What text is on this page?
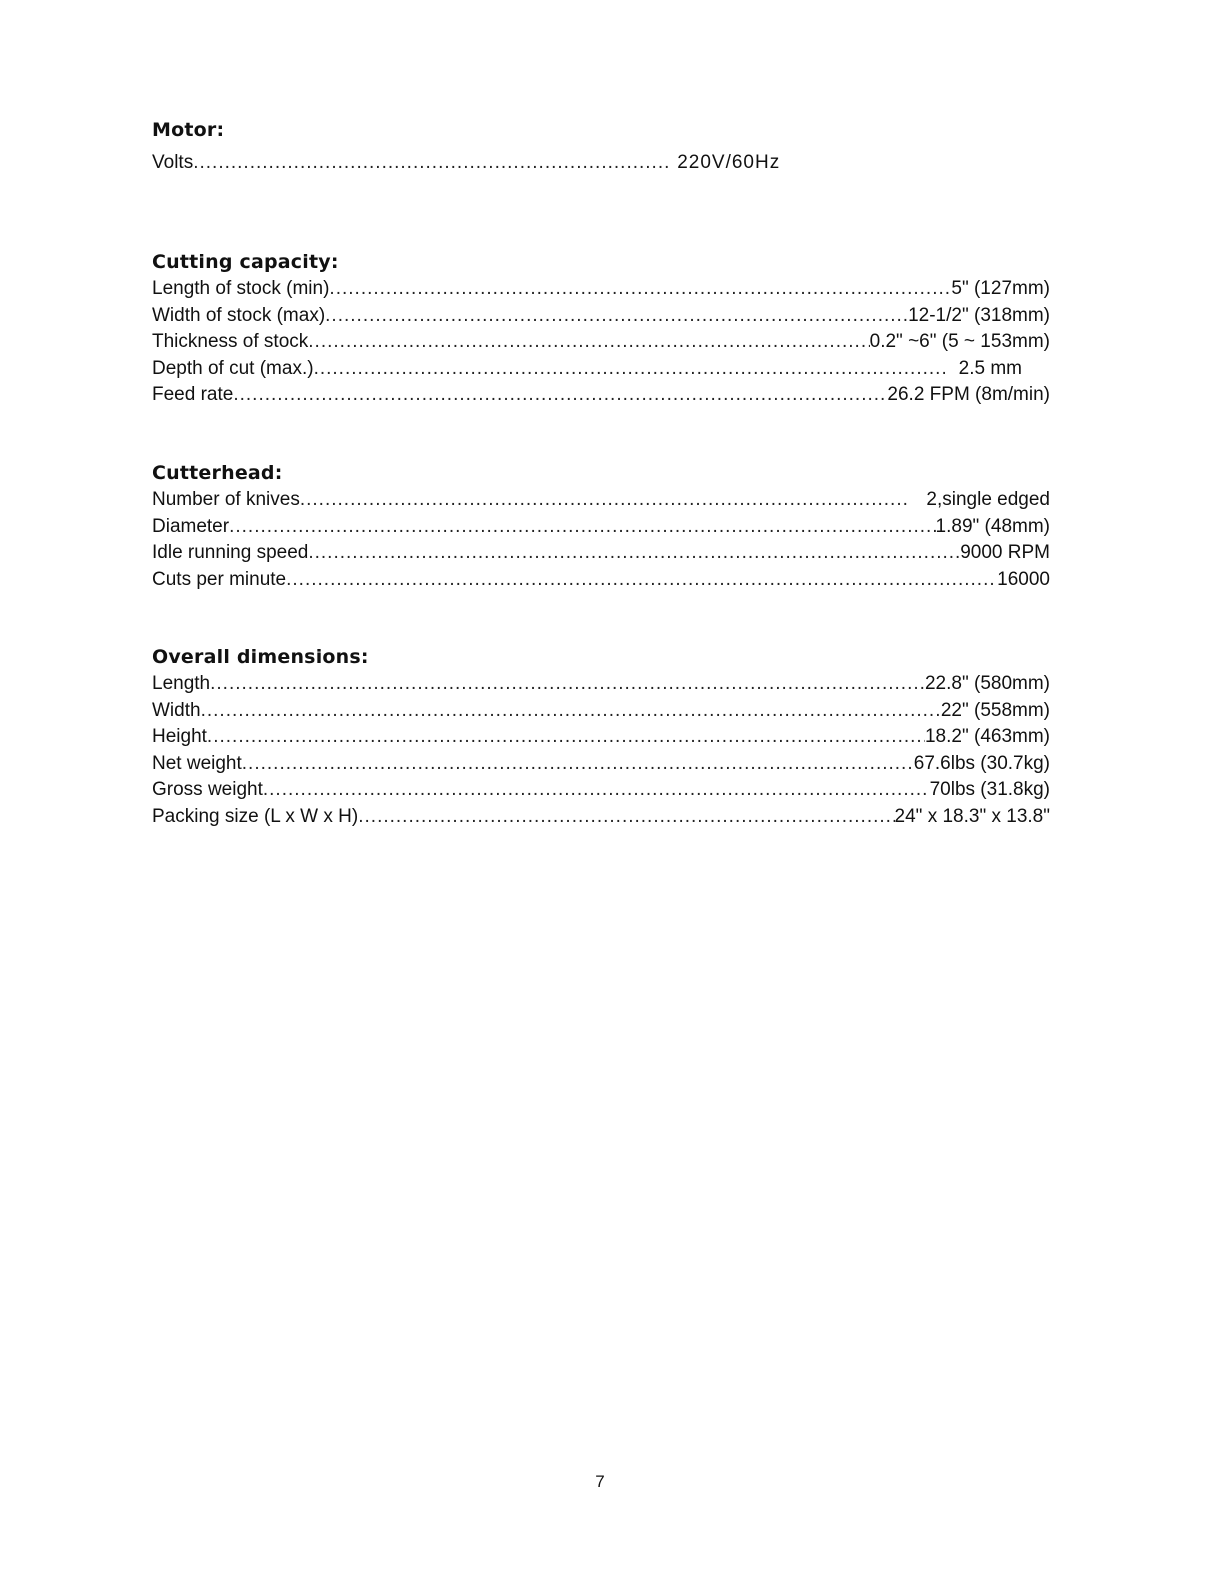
Motor:
Volts .....	220V/60Hz
Cutting capacity:
Length of stock (min) .....	5" (127mm)
Width of stock (max) .....	12-1/2" (318mm)
Thickness of stock .....	0.2" ~6" (5 ~ 153mm)
Depth of cut (max.) .....	2.5 mm
Feed rate .....	26.2 FPM (8m/min)
Cutterhead:
Number of knives .....	2,single edged
Diameter .....	1.89" (48mm)
Idle running speed .....	9000 RPM
Cuts per minute .....	16000
Overall dimensions:
Length .....	22.8" (580mm)
Width .....	22" (558mm)
Height .....	18.2" (463mm)
Net weight .....	67.6lbs (30.7kg)
Gross weight .....	70lbs (31.8kg)
Packing size (L x W x H) .....	24" x 18.3" x 13.8"
7
